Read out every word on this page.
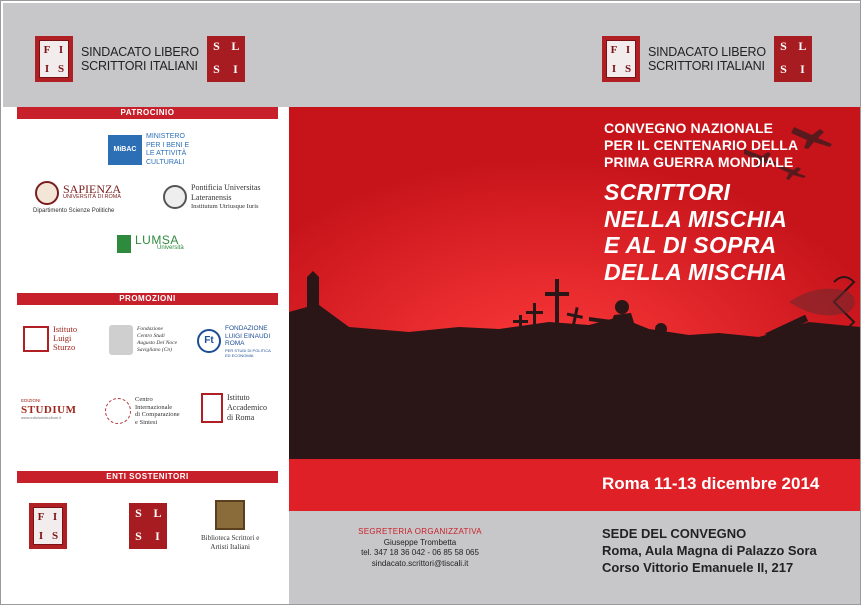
F I
I S
SINDACATO LIBERO
SCRITTORI ITALIANI
S L
S	I
F I
I S
SINDACATO LIBERO
SCRITTORI ITALIANI
S L
S	I
PATROCINIO
MiBAC
MINISTERO
PER I BENI E
LE ATTIVITÀ
CULTURALI
SAPIENZA
UNIVERSITÀ DI ROMA
Dipartimento Scienze Politiche
Pontificia Universitas
Lateranensis
Institutum Utriusque Iuris
LUMSA
Università
PROMOZIONI
Istituto
Luigi
Sturzo
Fondazione
Centro Studi
Augusto Del Noce
Savigliano (Cn)
Ft
FONDAZIONE
LUIGI EINAUDI
ROMA
PER STUDI DI POLITICA
ED ECONOMIA
EDIZIONI
STUDIUM
www.edizionistudium.it
Centro
Internazionale
di Comparazione
e Sintesi
Istituto
Accademico
di Roma
ENTI SOSTENITORI
F I
I S
S L
S	I	Biblioteca Scrittori e
Artisti Italiani
CONVEGNO NAZIONALE
PER IL CENTENARIO DELLA
PRIMA GUERRA MONDIALE
SCRITTORI
NELLA MISCHIA
E AL DI SOPRA
DELLA MISCHIA
Roma 11-13 dicembre 2014
SEGRETERIA ORGANIZZATIVA
Giuseppe Trombetta
tel. 347 18 36 042 - 06 85 58 065
sindacato.scrittori@tiscali.it
SEDE DEL CONVEGNO
Roma, Aula Magna di Palazzo Sora
Corso Vittorio Emanuele II, 217
